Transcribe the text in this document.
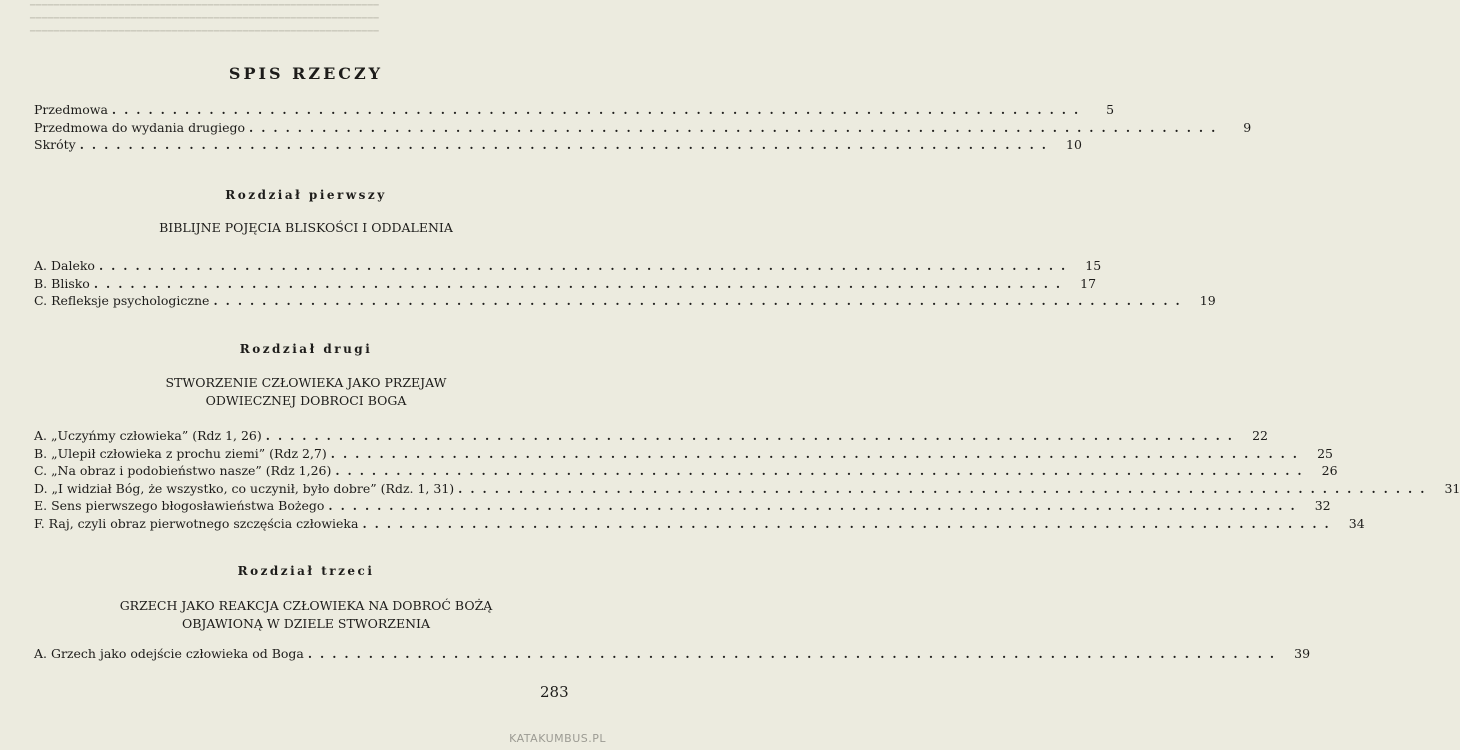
━━━━━━━━━━━━━━━━━━━━━━━━━━━━━━━━━━━━━━━━━━━━━━━━━━━━━━━━━━━
━━━━━━━━━━━━━━━━━━━━━━━━━━━━━━━━━━━━━━━━━━━━━━━━━━━━━━━━━━━
━━━━━━━━━━━━━━━━━━━━━━━━━━━━━━━━━━━━━━━━━━━━━━━━━━━━━━━━━━━
SPIS RZECZY
Przedmowa ................................................................................	5
Przedmowa do wydania drugiego ................................................................................	9
Skróty ................................................................................ 10
Rozdział pierwszy
BIBLIJNE POJĘCIA BLISKOŚCI I ODDALENIA
A. Daleko ................................................................................ 15
B. Blisko ................................................................................ 17
C. Refleksje psychologiczne ................................................................................ 19
Rozdział drugi
STWORZENIE CZŁOWIEKA JAKO PRZEJAW
ODWIECZNEJ DOBROCI BOGA
A. „Uczyńmy człowieka” (Rdz 1, 26) ................................................................................ 22
B. „Ulepił człowieka z prochu ziemi” (Rdz 2,7) ................................................................................ 25
C. „Na obraz i podobieństwo nasze” (Rdz 1,26) ................................................................................ 26
D. „I widział Bóg, że wszystko, co uczynił, było dobre” (Rdz. 1, 31) ................................................................................ 31
E. Sens pierwszego błogosławieństwa Bożego ................................................................................ 32
F. Raj, czyli obraz pierwotnego szczęścia człowieka ................................................................................ 34
Rozdział trzeci
GRZECH JAKO REAKCJA CZŁOWIEKA NA DOBROĆ BOŻĄ
OBJAWIONĄ W DZIELE STWORZENIA
A. Grzech jako odejście człowieka od Boga ................................................................................ 39
283
KATAKUMBUS.PL
